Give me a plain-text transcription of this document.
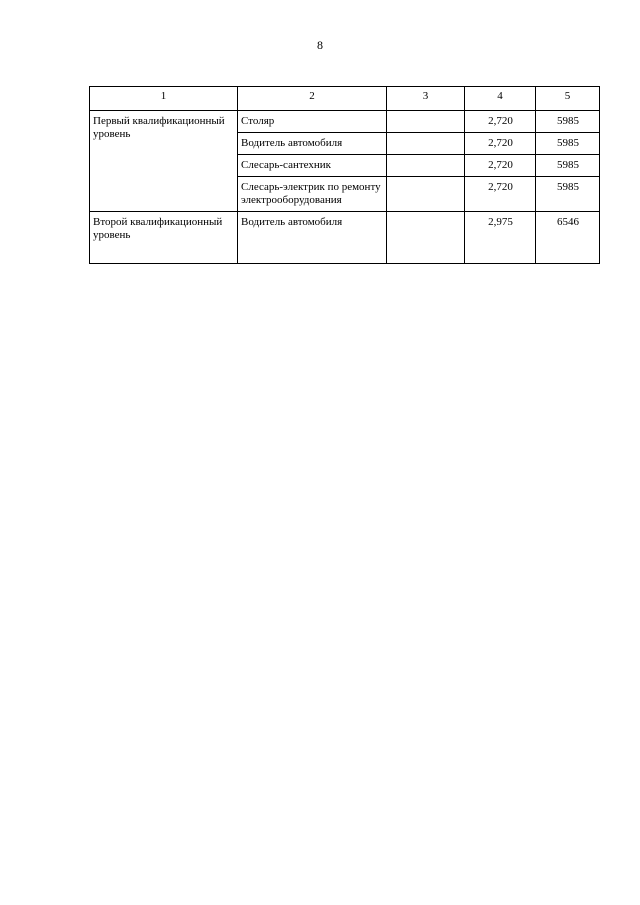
8
1	2	3	4	5
Первый квалификационный уровень	Столяр		2,720	5985
	Водитель автомобиля		2,720	5985
	Слесарь-сантехник		2,720	5985
	Слесарь-электрик по ремонту электрооборудования		2,720	5985
Второй квалификационный уровень	Водитель автомобиля		2,975	6546
